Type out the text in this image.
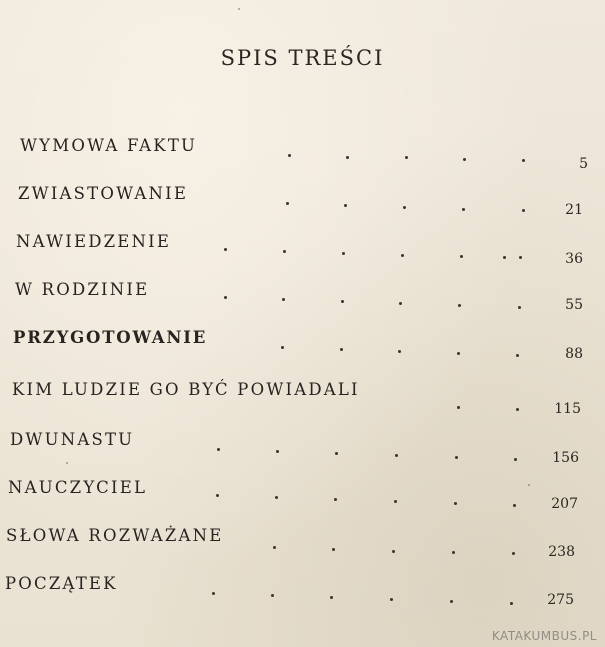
SPIS TREŚCI
WYMOWA FAKTU
5
ZWIASTOWANIE
21
NAWIEDZENIE
36
W RODZINIE
55
PRZYGOTOWANIE
88
KIM LUDZIE GO BYĆ POWIADALI
115
DWUNASTU
156
NAUCZYCIEL
207
SŁOWA ROZWAŻANE
238
POCZĄTEK
275
KATAKUMBUS.PL
